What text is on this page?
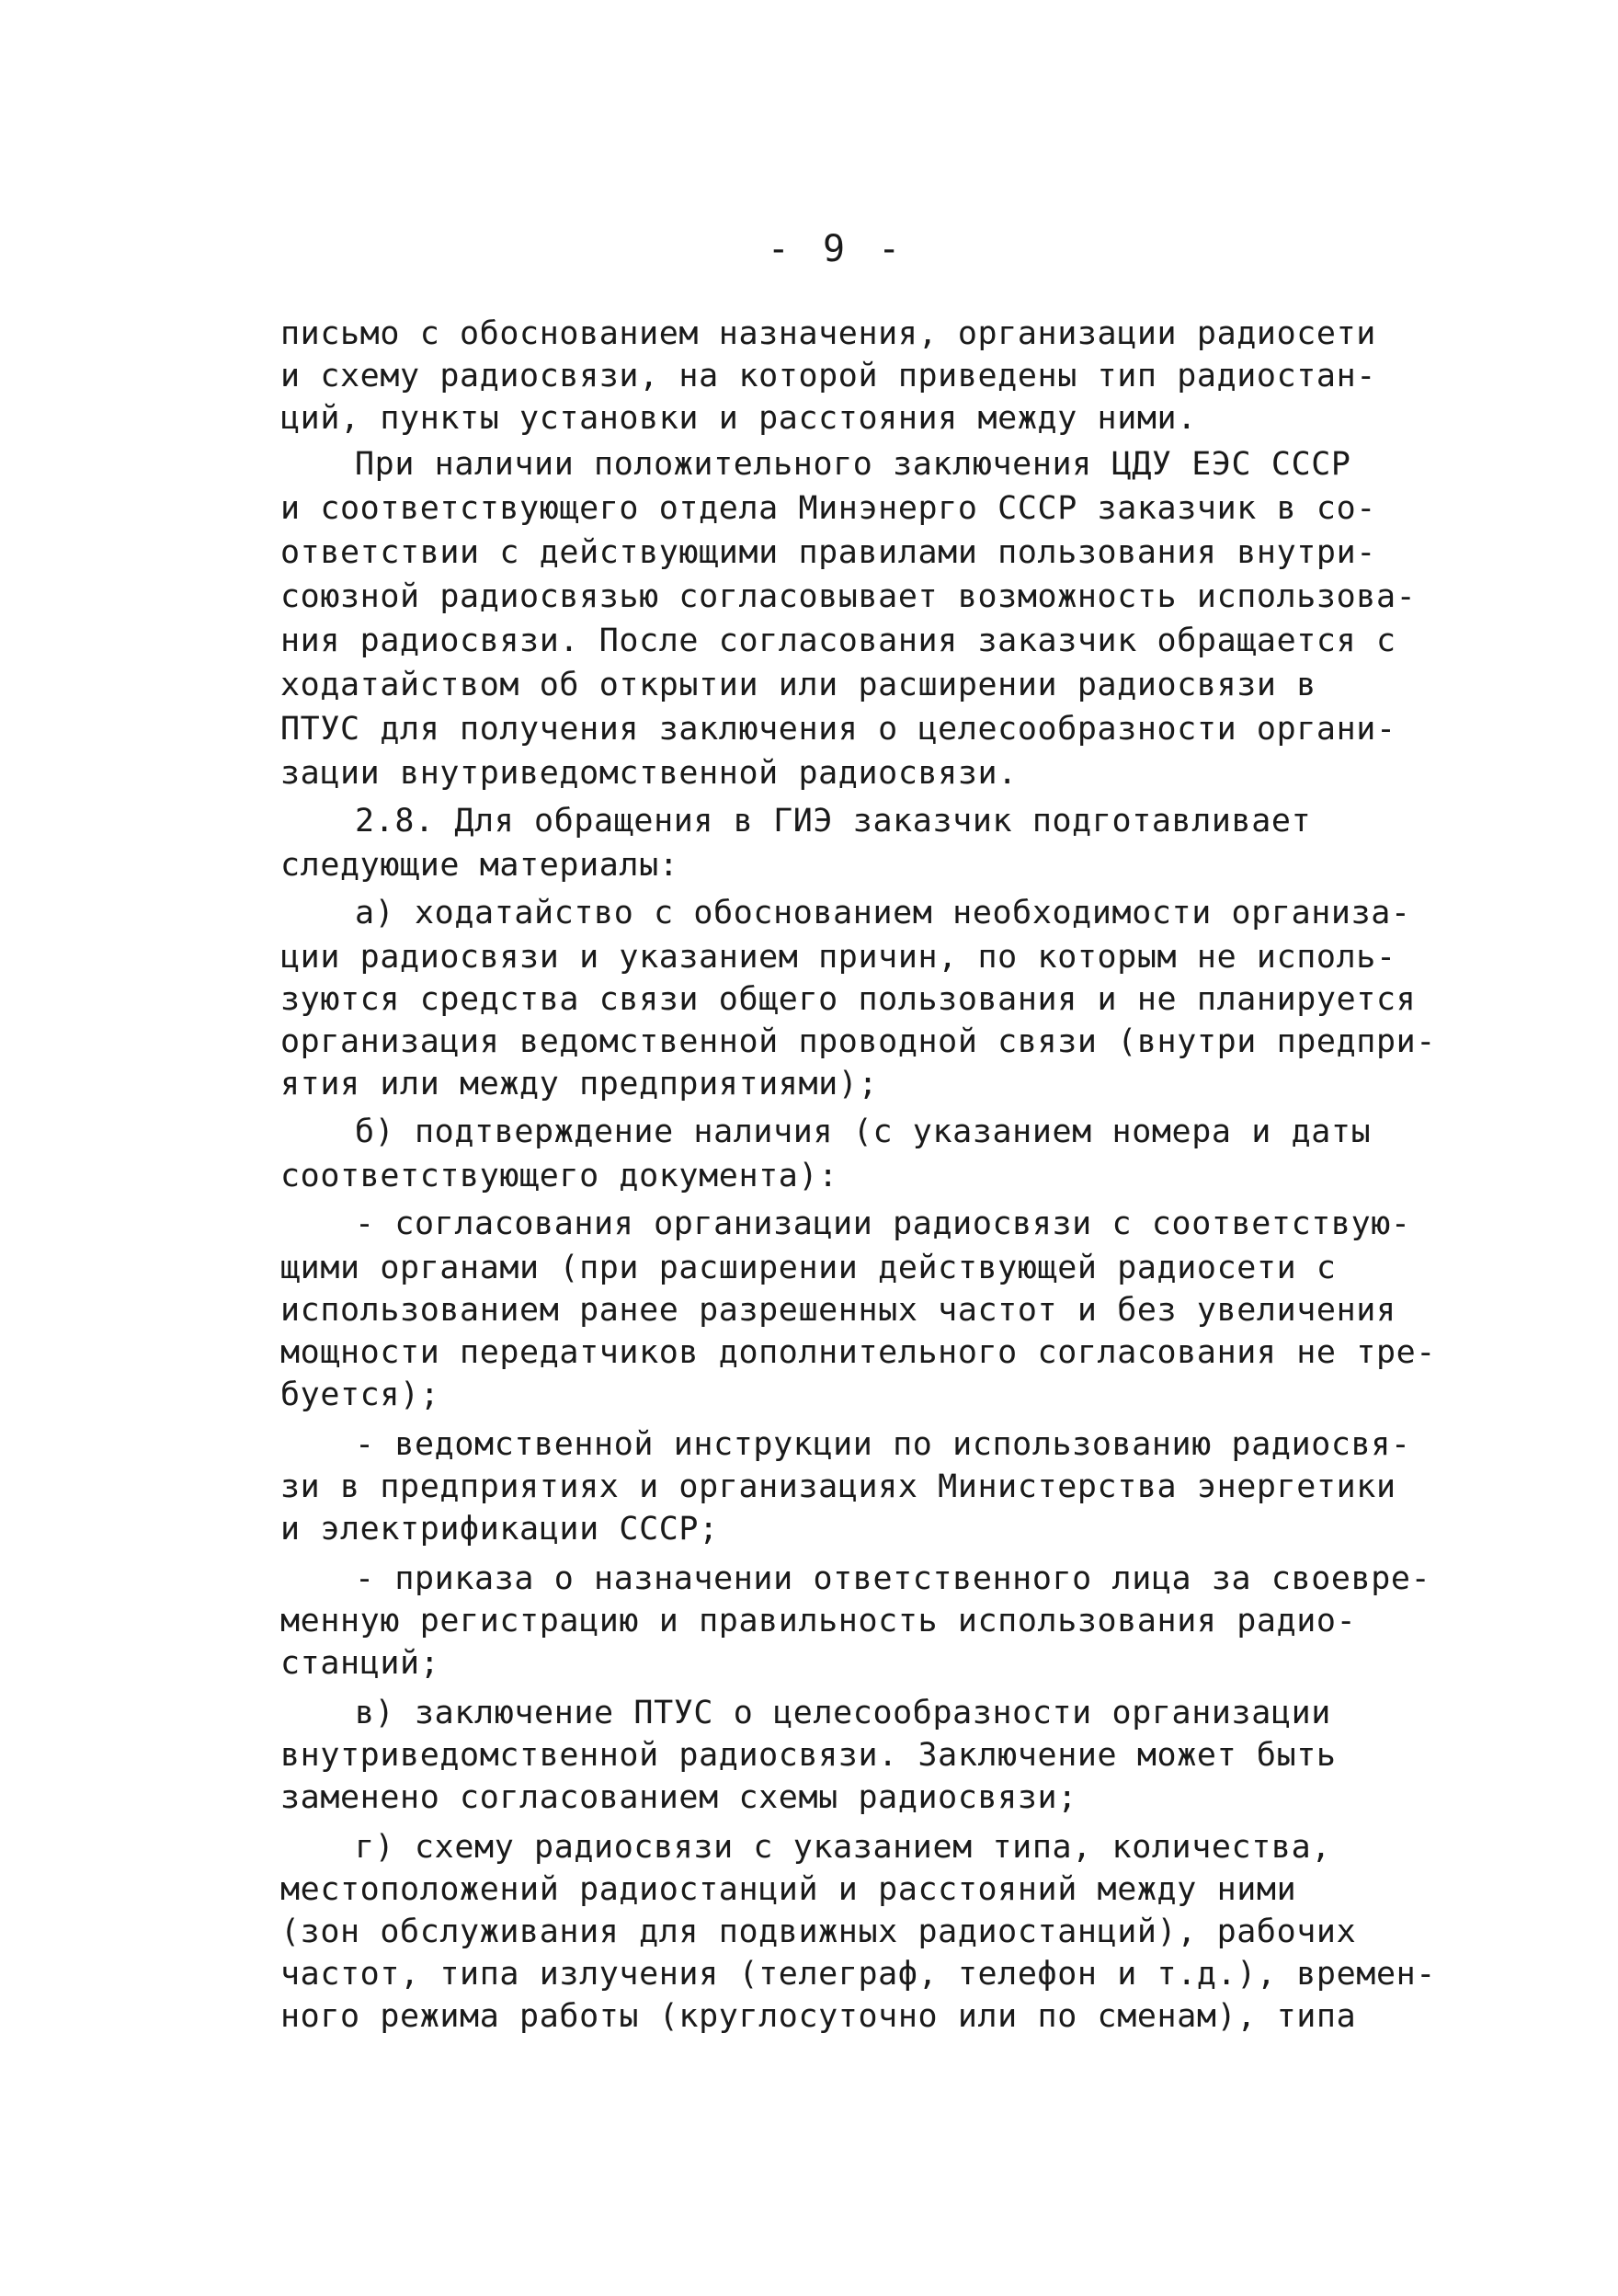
- 9 -
письмо с обоснованием назначения, организации радиосети
и схему радиосвязи, на которой приведены тип радиостан-
ций, пункты установки и расстояния между ними.
При наличии положительного заключения ЦДУ ЕЭС СССР
и соответствующего отдела Минэнерго СССР заказчик в со-
ответствии с действующими правилами пользования внутри-
союзной радиосвязью согласовывает возможность использова-
ния радиосвязи. После согласования заказчик обращается с
ходатайством об открытии или расширении радиосвязи в
ПТУС для получения заключения о целесообразности органи-
зации внутриведомственной радиосвязи.
2.8. Для обращения в ГИЭ заказчик подготавливает
следующие материалы:
а) ходатайство с обоснованием необходимости организа-
ции радиосвязи и указанием причин, по которым не исполь-
зуются средства связи общего пользования и не планируется
организация ведомственной проводной связи (внутри предпри-
ятия или между предприятиями);
б) подтверждение наличия (с указанием номера и даты
соответствующего документа):
- согласования организации радиосвязи с соответствую-
щими органами (при расширении действующей радиосети с
использованием ранее разрешенных частот и без увеличения
мощности передатчиков дополнительного согласования не тре-
буется);
- ведомственной инструкции по использованию радиосвя-
зи в предприятиях и организациях Министерства энергетики
и электрификации СССР;
- приказа о назначении ответственного лица за своевре-
менную регистрацию и правильность использования радио-
станций;
в) заключение ПТУС о целесообразности организации
внутриведомственной радиосвязи. Заключение может быть
заменено согласованием схемы радиосвязи;
г) схему радиосвязи с указанием типа, количества,
местоположений радиостанций и расстояний между ними
(зон обслуживания для подвижных радиостанций), рабочих
частот, типа излучения (телеграф, телефон и т.д.), времен-
ного режима работы (круглосуточно или по сменам), типа
